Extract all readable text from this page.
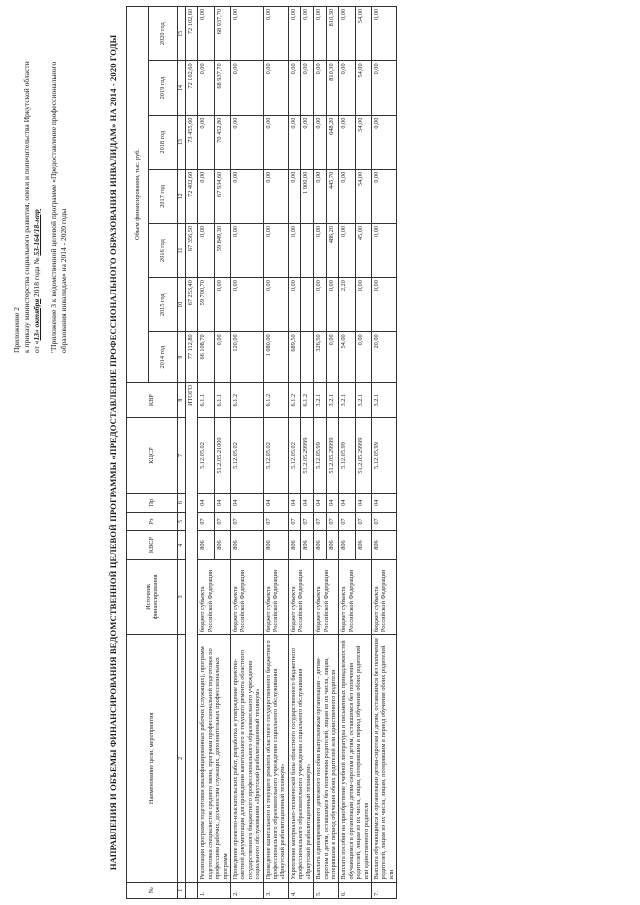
Приложение 2 к приказу министерства социального развития, опеки и попечительства Иркутской области от «13» октября 2018 года № 53-164/18-мпр "Приложение 3 к ведомственной целевой программе «Предоставление профессионального образования инвалидам» на 2014 - 2020 годы	НАПРАВЛЕНИЯ И ОБЪЕМЫ ФИНАНСИРОВАНИЯ ВЕДОМСТВЕННОЙ ЦЕЛЕВОЙ ПРОГРАММЫ «ПРЕДОСТАВЛЕНИЕ ПРОФЕССИОНАЛЬНОГО ОБРАЗОВАНИЯ ИНВАЛИДАМ» НА 2014 - 2020 ГОДЫ
№	Наименование цели, мероприятия	Источник финансирования	КВСР	Рз	Пр	КЦСР	КВР	Объем финансирования, тыс. руб.						
								2014 год	2015 год	2016 год	2017 год	2018 год	2019 год	2020 год
1	2	3	4	5	6	7	8	9	10	11	12	13	14	15
	ИТОГО							77 112,80	67 253,40	67 356,50	72 402,60	73 455,60	72 102,60	72 102,60
1.	Реализация программ подготовки квалифицированных рабочих (служащих), программ подготовки специалистов среднего звена, программ профессиональной подготовки по профессиям рабочих, должностям служащих, дополнительных профессиональных программ	бюджет субъекта Российской Федерации	806	07	04	5.12.05.02	6.1.1	66 108,70	59 700,70	0,00	0,00	0,00	0,00	0,00
			806	07	04	51.2.05.21000	6.1.1	0,00	0,00	59 849,30	67 934,60	70 452,80	68 937,70	68 937,70
2.	Проведение проектно-изыскательских работ, разработка и утверждение проектно-сметной документации для проведения капитального и текущего ремонта областного государственного бюджетного профессионального образовательного учреждения социального обслуживания «Иркутский реабилитационный техникум»	бюджет субъекта Российской Федерации	806	07	04	5.12.05.02	6.1.2	120,00	0,00	0,00	0,00	0,00	0,00	0,00
3.	Проведение капитального и текущего ремонта областного государственного бюджетного профессионального образовательного учреждения социального обслуживания «Иркутский реабилитационный техникум»	бюджет субъекта Российской Федерации	806	07	04	5.12.05.02	6.1.2	1 080,00	0,00	0,00	0,00	0,00	0,00	0,00
4.	Укрепление материально-технической базы областного государственного бюджетного профессионального образовательного учреждения социального обслуживания «Иркутский реабилитационный техникум»	бюджет субъекта Российской Федерации	806	07	04	5.12.05.02	6.1.2	689,50	0,00	0,00	0,00	0,00	0,00	0,00
			806	07	04	51.2.05.29999	6.1.2				1 900,00	0,00	0,00	0,00
5.	Выплата единовременного денежного пособия выпускникам организации – детям-сиротам и детям, оставшимся без попечения родителей, лицам из их числа, лицам, потерявшим в период обучения обоих родителей или единственного родителя	бюджет субъекта Российской Федерации	806	07	04	5.12.05.99	3.2.1	326,50	0,00	0,00	0,00	0,00	0,00	0,00
			806	07	04	51.2.05.29999	3.2.1	0,00	0,00	486,20	445,70	648,20	810,30	810,30
6.	Выплата пособия на приобретение учебной литературы и письменных принадлежностей обучающимся в организации детям-сиротам и детям, оставшимся без попечения родителей, лицам из их числа, лицам, потерявшим в период обучения обоих родителей или единственного родителя	бюджет субъекта Российской Федерации	806	07	04	5.12.05.99	3.2.1	54,00	2,20	0,00	0,00	0,00	0,00	0,00
			806	07	04	51.2.05.29999	3.2.1	0,00	0,00	45,00	54,00	54,00	54,00	54,00
7.	Выплата обучающимся в организации детям-сиротам и детям, оставшимся без попечения родителей, лицам из их числа, лицам, потерявшим в период обучения обоих родителей или	бюджет субъекта Российской Федерации	806	07	04	5.12.05.99	3.2.1	20,00	0,00	0,00	0,00	0,00	0,00	0,00
